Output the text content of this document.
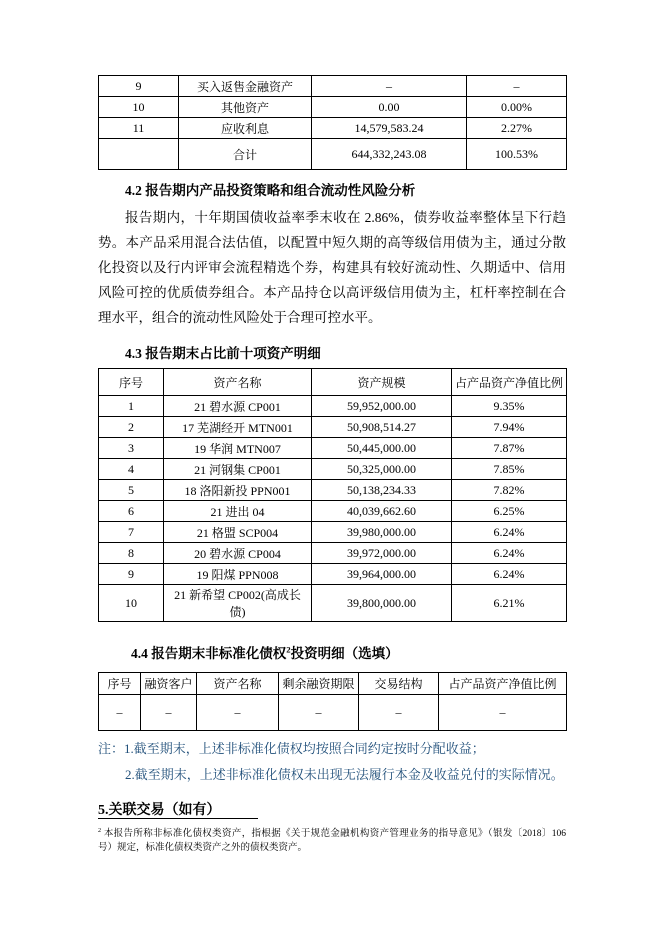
9	买入返售金融资产	–	–
10	其他资产	0.00	0.00%
11	应收利息	14,579,583.24	2.27%
	合计	644,332,243.08	100.53%
4.2 报告期内产品投资策略和组合流动性风险分析

报告期内，十年期国债收益率季末收在 2.86%，债券收益率整体呈下行趋势。本产品采用混合法估值，以配置中短久期的高等级信用债为主，通过分散化投资以及行内评审会流程精选个券，构建具有较好流动性、久期适中、信用风险可控的优质债券组合。本产品持仓以高评级信用债为主，杠杆率控制在合理水平，组合的流动性风险处于合理可控水平。

4.3 报告期末占比前十项资产明细
序号	资产名称	资产规模	占产品资产净值比例
1	21 碧水源 CP001	59,952,000.00	9.35%
2	17 芜湖经开 MTN001	50,908,514.27	7.94%
3	19 华润 MTN007	50,445,000.00	7.87%
4	21 河钢集 CP001	50,325,000.00	7.85%
5	18 洛阳新投 PPN001	50,138,234.33	7.82%
6	21 进出 04	40,039,662.60	6.25%
7	21 格盟 SCP004	39,980,000.00	6.24%
8	20 碧水源 CP004	39,972,000.00	6.24%
9	19 阳煤 PPN008	39,964,000.00	6.24%
10	21 新希望 CP002(高成长债)	39,800,000.00	6.21%
4.4 报告期末非标准化债权$^2$投资明细（选填）
序号	融资客户	资产名称	剩余融资期限	交易结构	占产品资产净值比例
–	–	–	–	–	–
注：1.截至期末，上述非标准化债权均按照合同约定按时分配收益；
2.截至期末，上述非标准化债权未出现无法履行本金及收益兑付的实际情况。
5.关联交易（如有）
$^2$ 本报告所称非标准化债权类资产，指根据《关于规范金融机构资产管理业务的指导意见》（银发〔2018〕106 号）规定，标准化债权类资产之外的债权类资产。
